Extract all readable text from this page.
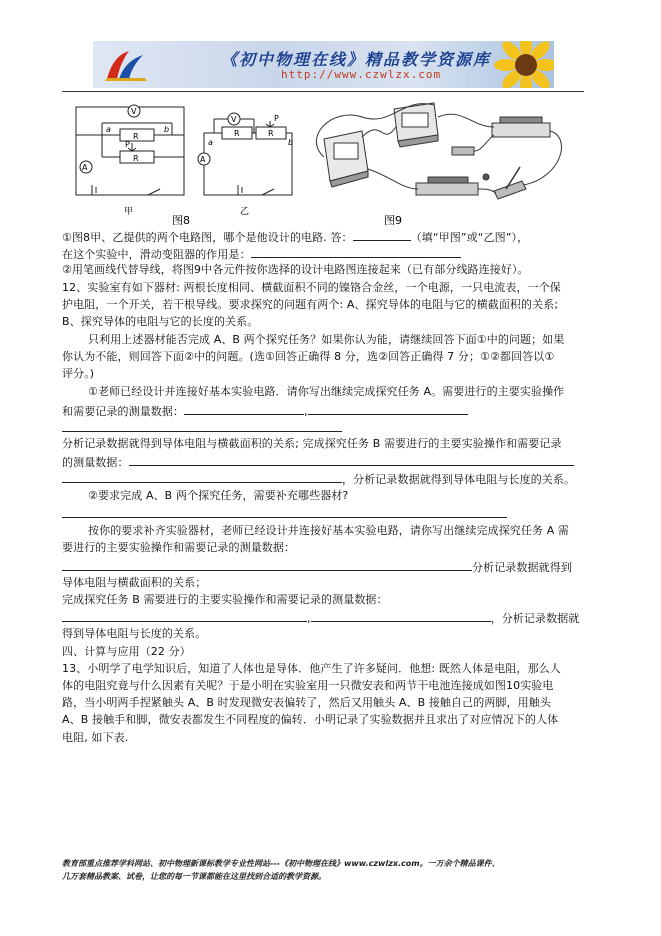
《初中物理在线》精品教学资源库
http://www.czwlzx.com
V
A
R
R
P
a	b
甲
V
A
R	R
P
a	b
乙
图8	图9
①图8甲、乙提供的两个电路图，哪个是他设计的电路. 答：	（填“甲图”或“乙图”），
在这个实验中，滑动变阻器的作用是：
②用笔画线代替导线，将图9中各元件按你选择的设计电路图连接起来（已有部分线路连接好）。
12、实验室有如下器材: 两根长度相同、横截面积不同的镍铬合金丝，一个电源，一只电流表，一个保
护电阻，一个开关，若干根导线。要求探究的问题有两个: A、探究导体的电阻与它的横截面积的关系;
B、探究导体的电阻与它的长度的关系。
只利用上述器材能否完成 A、B 两个探究任务？如果你认为能，请继续回答下面①中的问题；如果
你认为不能，则回答下面②中的问题。(选①回答正确得 8 分，选②回答正确得 7 分；①②都回答以①
评分。)
①老师已经设计并连接好基本实验电路．请你写出继续完成探究任务 A。需要进行的主要实验操作
和需要记录的测量数据：	,
分析记录数据就得到导体电阻与横截面积的关系; 完成探究任务 B 需要进行的主要实验操作和需要记录
的测量数据：
，分析记录数据就得到导体电阻与长度的关系。
②要求完成 A、B 两个探究任务，需要补充哪些器材?
按你的要求补齐实验器材，老师已经设计并连接好基本实验电路，请你写出继续完成探究任务 A 需
要进行的主要实验操作和需要记录的测量数据：
分析记录数据就得到
导体电阻与横截面积的关系；
完成探究任务 B 需要进行的主要实验操作和需要记录的测量数据：
,	，分析记录数据就
得到导体电阻与长度的关系。
四、计算与应用（22 分）
13、小明学了电学知识后，知道了人体也是导体．他产生了许多疑问．他想: 既然人体是电阻，那么人
体的电阻究竟与什么因素有关呢？于是小明在实验室用一只微安表和两节干电池连接成如图10实验电
路，当小明两手捏紧触头 A、B 时发现微安表偏转了，然后又用触头 A、B 接触自己的两脚，用触头
A、B 接触手和脚，微安表都发生不同程度的偏转．小明记录了实验数据并且求出了对应情况下的人体
电阻, 如下表.
教育部重点推荐学科网站、初中物理新课标教学专业性网站---《初中物理在线》www.czwlzx.com。一万余个精品课件、
几万套精品教案、试卷，让您的每一节课都能在这里找到合适的教学资源。
